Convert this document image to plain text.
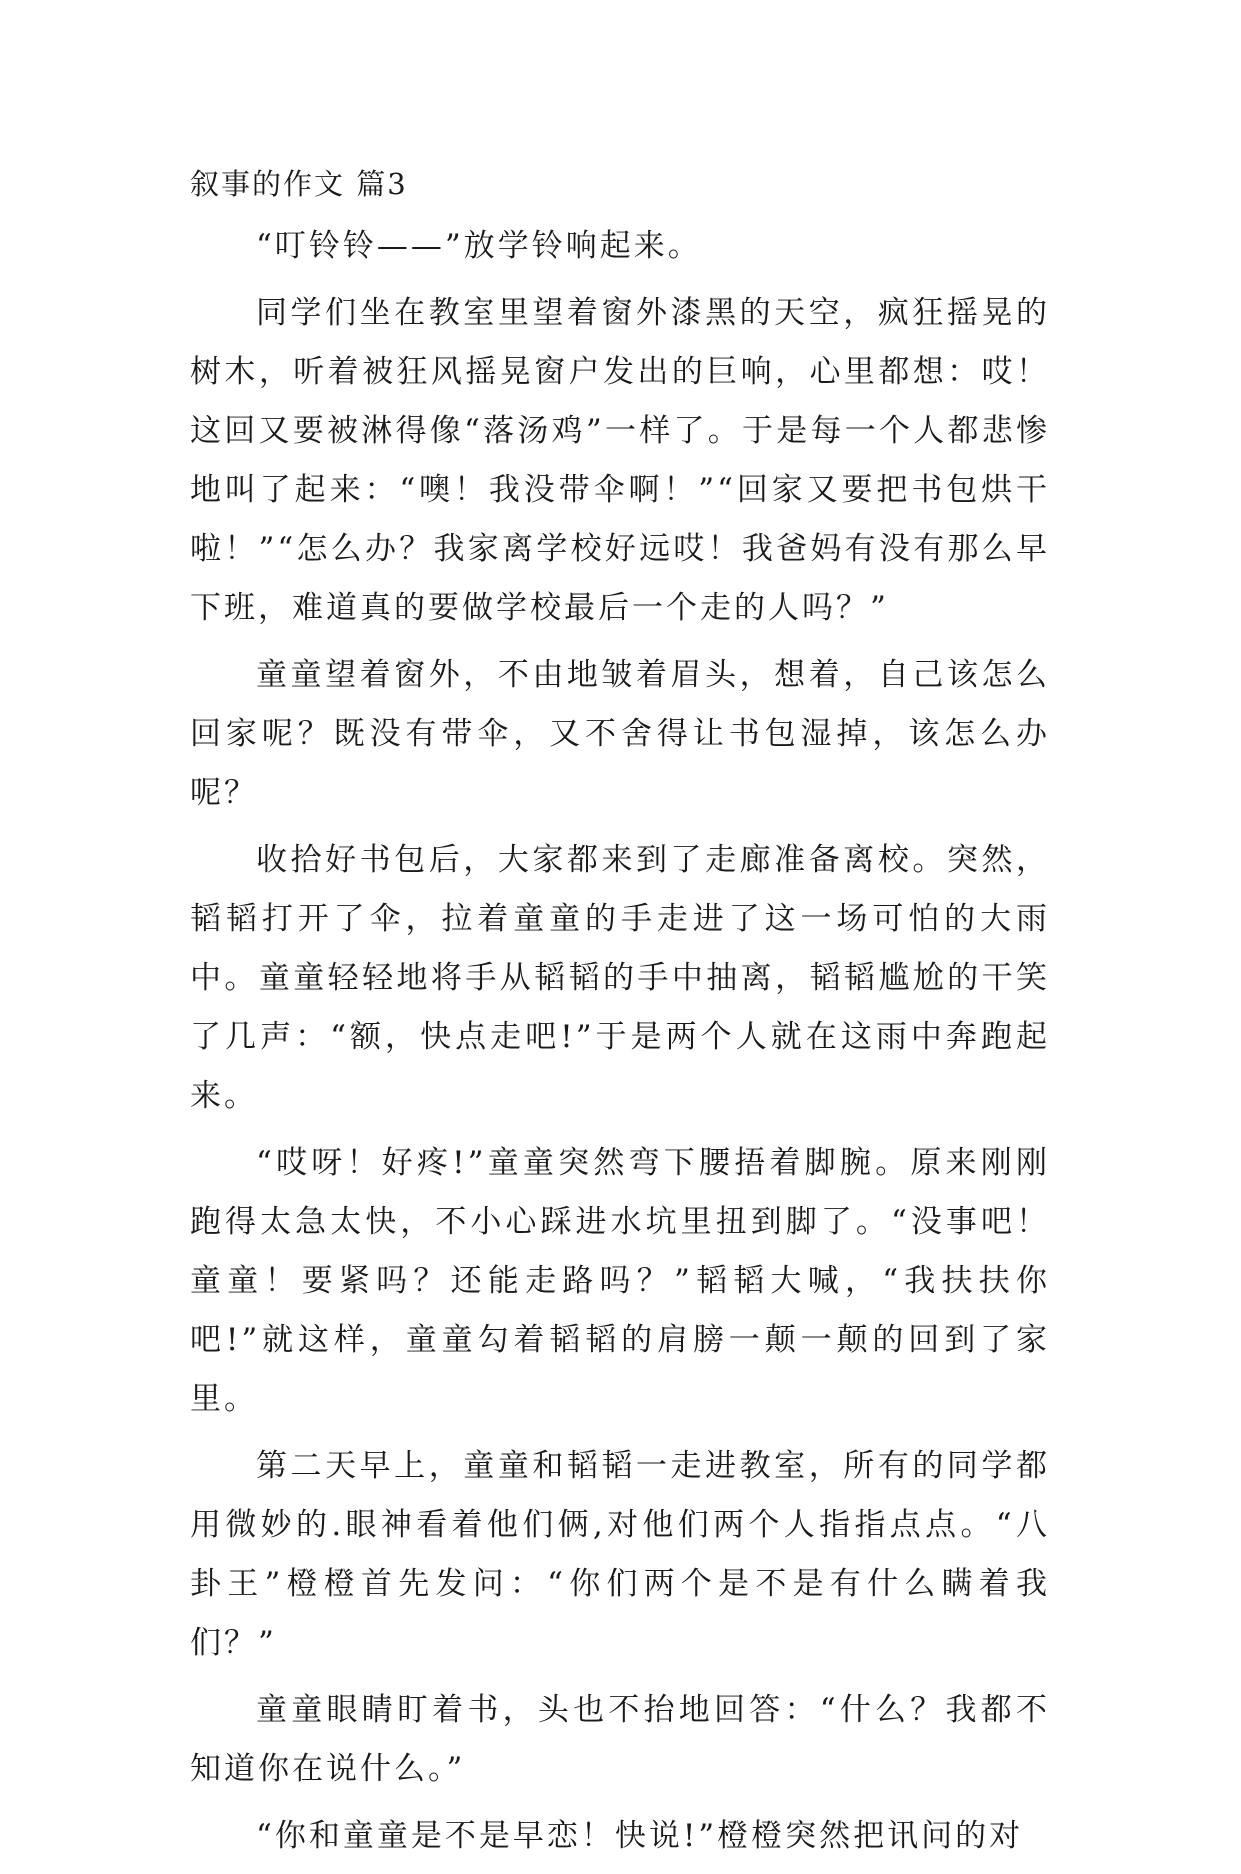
叙事的作文 篇3

“叮铃铃——”放学铃响起来。

同学们坐在教室里望着窗外漆黑的天空，疯狂摇晃的树木，听着被狂风摇晃窗户发出的巨响，心里都想：哎！这回又要被淋得像“落汤鸡”一样了。于是每一个人都悲惨地叫了起来：“噢！我没带伞啊！”“回家又要把书包烘干啦！”“怎么办？我家离学校好远哎！我爸妈有没有那么早下班，难道真的要做学校最后一个走的人吗？”

童童望着窗外，不由地皱着眉头，想着，自己该怎么回家呢？既没有带伞，又不舍得让书包湿掉，该怎么办呢？

收拾好书包后，大家都来到了走廊准备离校。突然，韬韬打开了伞，拉着童童的手走进了这一场可怕的大雨中。童童轻轻地将手从韬韬的手中抽离，韬韬尴尬的干笑了几声：“额，快点走吧!”于是两个人就在这雨中奔跑起来。

“哎呀！好疼!”童童突然弯下腰捂着脚腕。原来刚刚跑得太急太快，不小心踩进水坑里扭到脚了。“没事吧！童童！要紧吗？还能走路吗？”韬韬大喊，“我扶扶你吧!”就这样，童童勾着韬韬的肩膀一颠一颠的回到了家里。

第二天早上，童童和韬韬一走进教室，所有的同学都用微妙的.眼神看着他们俩,对他们两个人指指点点。“八卦王”橙橙首先发问：“你们两个是不是有什么瞒着我们？”

童童眼睛盯着书，头也不抬地回答：“什么？我都不知道你在说什么。”

“你和童童是不是早恋！快说!”橙橙突然把讯问的对
